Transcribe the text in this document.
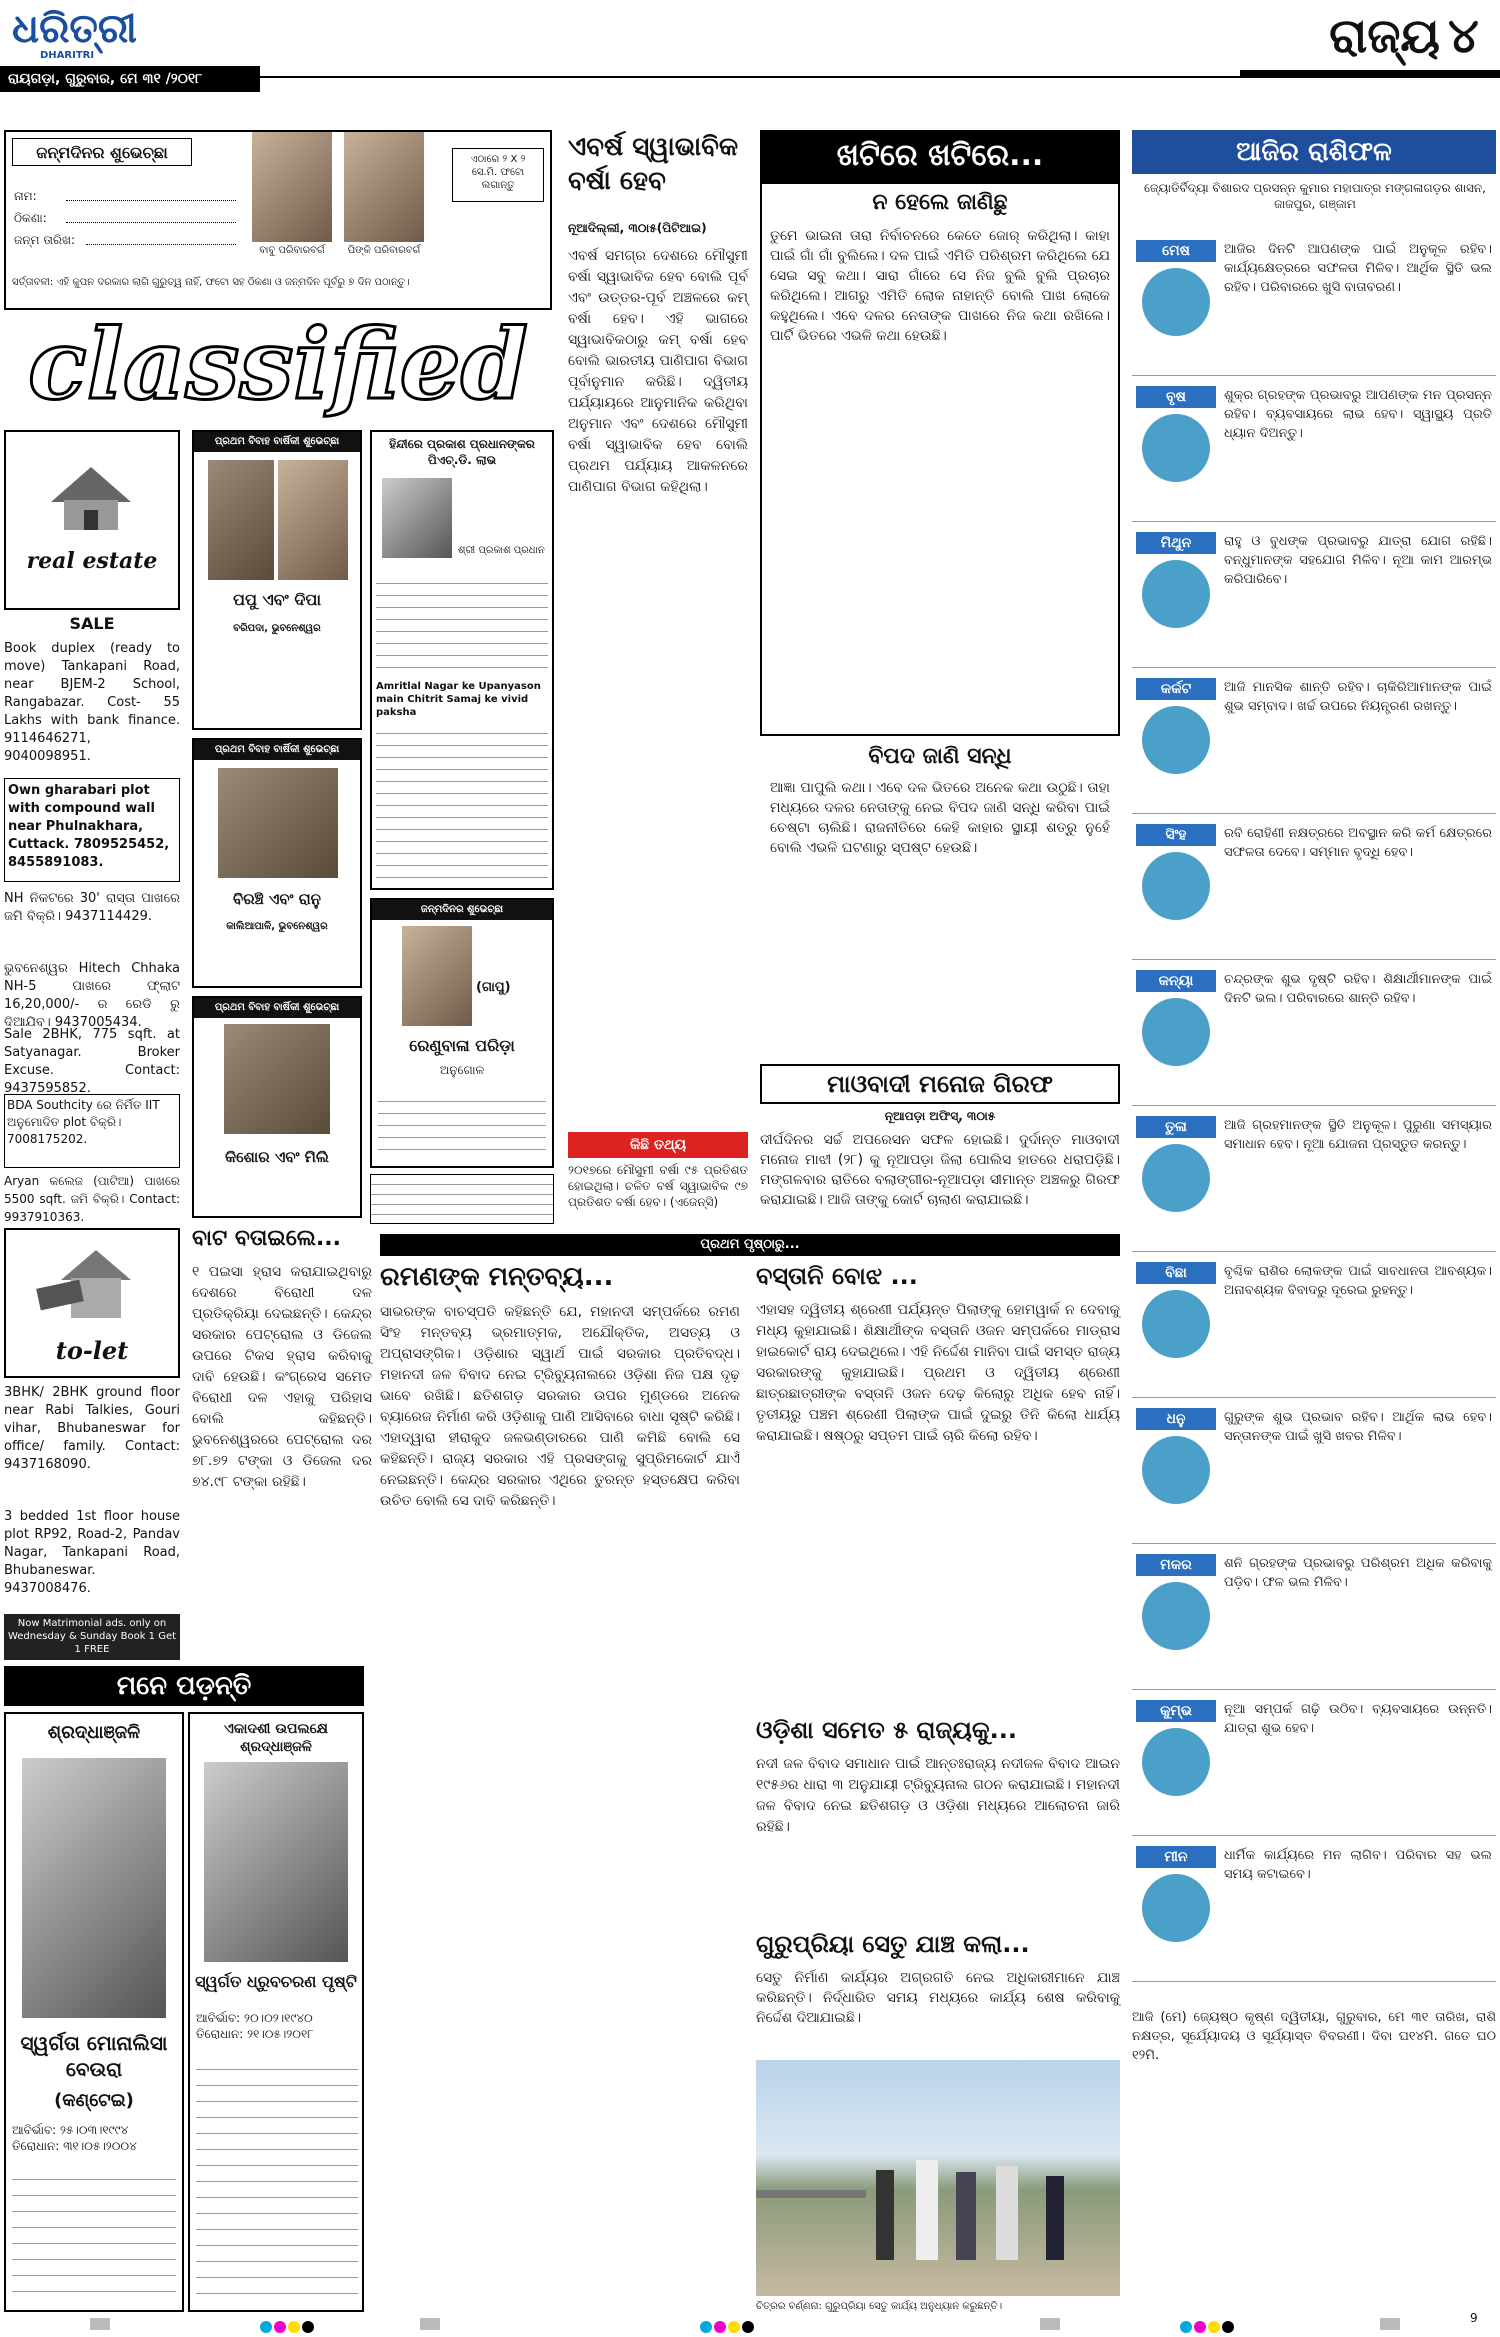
ଧରିତ୍ରୀ
DHARITRI
ରାୟଗଡ଼ା, ଗୁରୁବାର, ମେ ୩୧ /୨୦୧୮
ରାଜ୍ୟ ୪
ଜନ୍ମଦିନର ଶୁଭେଚ୍ଛା
ନାମ:
ଠିକଣା:
ଜନ୍ମ ତାରିଖ:
ବାବୁ ପରିବାରବର୍ଗ	ପିଙ୍କି ପରିବାରବର୍ଗ
ଏଠାରେ ୨ X ୨ ସେ.ମି. ଫଟୋ ଲଗାନ୍ତୁ
ସର୍ତ୍ତାବଳୀ: ଏହି କୁପନ ଦରକାର ଲାଗି ଗୁରୁତ୍ୱ ନାହିଁ, ଫଟୋ ସହ ଠିକଣା ଓ ଜନ୍ମଦିନ ପୂର୍ବରୁ ୭ ଦିନ ପଠାନ୍ତୁ।
classified
real estate
SALE
Book duplex (ready to move) Tankapani Road, near BJEM-2 School, Rangabazar. Cost- 55 Lakhs with bank finance. 9114646271, 9040098951.
Own gharabari plot with compound wall near Phulnakhara, Cuttack. 7809525452, 8455891083.
NH ନିକଟରେ 30' ରାସ୍ତା ପାଖରେ ଜମି ବିକ୍ରି। 9437114429.
ଭୁବନେଶ୍ୱର Hitech Chhaka NH-5 ପାଖରେ ଫ୍ଲାଟ 16,20,000/- ର ରେଡି ରୁ ଦିଆଯିବ। 9437005434.
Sale 2BHK, 775 sqft. at Satyanagar. Broker Excuse. Contact: 9437595852.
BDA Southcity ରେ ନିର୍ମିତ IIT ଅନୁମୋଦିତ plot ବିକ୍ରି। 7008175202.
Aryan କଲେଜ (ପାଟିଆ) ପାଖରେ 5500 sqft. ଜମି ବିକ୍ରି। Contact: 9937910363.
to-let
3BHK/ 2BHK ground floor near Rabi Talkies, Gouri vihar, Bhubaneswar for office/ family. Contact: 9437168090.
3 bedded 1st floor house plot RP92, Road-2, Pandav Nagar, Tankapani Road, Bhubaneswar. 9437008476.
Now Matrimonial ads. only on Wednesday & Sunday Book 1 Get 1 FREE
ପ୍ରଥମ ବିବାହ ବାର୍ଷିକୀ ଶୁଭେଚ୍ଛା
ପପୁ ଏବଂ ଦିପା
ବରିପଦା, ଭୁବନେଶ୍ୱର
ପ୍ରଥମ ବିବାହ ବାର୍ଷିକୀ ଶୁଭେଚ୍ଛା
ବିରଞ୍ଚି ଏବଂ ରାନୁ
କାଲିଆପାଳି, ଭୁବନେଶ୍ୱର
ପ୍ରଥମ ବିବାହ ବାର୍ଷିକୀ ଶୁଭେଚ୍ଛା
କିଶୋର ଏବଂ ମିଲି
ହିନ୍ଦୀରେ ପ୍ରକାଶ ପ୍ରଧାନଙ୍କର ପିଏଚ୍.ଡି. ଲାଭ
ଶ୍ରୀ ପ୍ରକାଶ ପ୍ରଧାନ
Amritlal Nagar ke Upanyason main Chitrit Samaj ke vivid paksha
ଜନ୍ମଦିନର ଶୁଭେଚ୍ଛା
(ଗାପୁ)
ରେଣୁବାଳା ପରିଡ଼ା
ଅନୁଗୋଳ
ଏବର୍ଷ ସ୍ୱାଭାବିକ ବର୍ଷା ହେବ
ନୂଆଦିଲ୍ଲୀ, ୩୦ା୫(ପିଟିଆଇ)
ଏବର୍ଷ ସମଗ୍ର ଦେଶରେ ମୌସୁମୀ ବର୍ଷା ସ୍ୱାଭାବିକ ହେବ ବୋଲି ପୂର୍ବ ଏବଂ ଉତ୍ତର-ପୂର୍ବ ଅଞ୍ଚଳରେ କମ୍ ବର୍ଷା ହେବ। ଏହି ଭାଗରେ ସ୍ୱାଭାବିକଠାରୁ କମ୍ ବର୍ଷା ହେବ ବୋଲି ଭାରତୀୟ ପାଣିପାଗ ବିଭାଗ ପୂର୍ବାନୁମାନ କରିଛି। ଦ୍ୱିତୀୟ ପର୍ଯ୍ୟାୟରେ ଆନୁମାନିକ କରିଥିବା ଅନୁମାନ ଏବଂ ଦେଶରେ ମୌସୁମୀ ବର୍ଷା ସ୍ୱାଭାବିକ ହେବ ବୋଲି ପ୍ରଥମ ପର୍ଯ୍ୟାୟ ଆକଳନରେ ପାଣିପାଗ ବିଭାଗ କହିଥିଲା।
କିଛି ତଥ୍ୟ
୨୦୧୭ରେ ମୌସୁମୀ ବର୍ଷା ୯୫ ପ୍ରତିଶତ ହୋଇଥିଲା। ଚଳିତ ବର୍ଷ ସ୍ୱାଭାବିକ ୯୭ ପ୍ରତିଶତ ବର୍ଷା ହେବ। (ଏଜେନ୍ସି)
ଖଟିରେ ଖଟିରେ...
ନ ହେଲେ ଜାଣିଛୁ
ତୁମେ ଭାଇନା ତାରା ନିର୍ବାଚନରେ କେତେ ଜୋର୍ କରିଥିଲା। କାହା ପାଇଁ ଗାଁ ଗାଁ ବୁଲିଲେ। ଦଳ ପାଇଁ ଏମିତି ପରିଶ୍ରମ କରିଥିଲେ ଯେ ସେଇ ସବୁ କଥା। ସାରା ଗାଁରେ ସେ ନିଜ ବୁଲି ବୁଲି ପ୍ରଚାର କରିଥିଲେ। ଆଗରୁ ଏମିତି ଲୋକ ନାହାନ୍ତି ବୋଲି ପାଖ ଲୋକେ କହୁଥିଲେ। ଏବେ ଦଳର ନେତାଙ୍କ ପାଖରେ ନିଜ କଥା ରଖିଲେ। ପାର୍ଟି ଭିତରେ ଏଭଳି କଥା ହେଉଛି।
ବିପଦ ଜାଣି ସନ୍ଧି
ଆଜ୍ଞା ପାପୁଲି କଥା। ଏବେ ଦଳ ଭିତରେ ଅନେକ କଥା ଉଠୁଛି। ତାହା ମଧ୍ୟରେ ଦଳର ନେତାଙ୍କୁ ନେଇ ବିପଦ ଜାଣି ସନ୍ଧି କରିବା ପାଇଁ ଚେଷ୍ଟା ଚାଲିଛି। ରାଜନୀତିରେ କେହି କାହାର ସ୍ଥାୟୀ ଶତ୍ରୁ ନୁହେଁ ବୋଲି ଏଭଳି ଘଟଣାରୁ ସ୍ପଷ୍ଟ ହେଉଛି।
ମାଓବାଦୀ ମନୋଜ ଗିରଫ
ନୂଆପଡ଼ା ଅଫିସ୍, ୩୦ା୫
ଦୀର୍ଘଦିନର ସର୍ଚ୍ଚ ଅପରେସନ ସଫଳ ହୋଇଛି। ଦୁର୍ଦାନ୍ତ ମାଓବାଦୀ ମନୋଜ ମାଝୀ (୨୮) କୁ ନୂଆପଡ଼ା ଜିଲା ପୋଲିସ ହାତରେ ଧରାପଡ଼ିଛି। ମଙ୍ଗଳବାର ରାତିରେ ବଲାଙ୍ଗୀର-ନୂଆପଡ଼ା ସୀମାନ୍ତ ଅଞ୍ଚଳରୁ ଗିରଫ କରାଯାଇଛି। ଆଜି ତାଙ୍କୁ କୋର୍ଟ ଚାଲାଣ କରାଯାଇଛି।
ପ୍ରଥମ ପୃଷ୍ଠାରୁ...
ବାଟ ବତାଇଲେ...
୧ ପଇସା ହ୍ରାସ କରାଯାଇଥିବାରୁ ଦେଶରେ ବିରୋଧୀ ଦଳ ପ୍ରତିକ୍ରିୟା ଦେଇଛନ୍ତି। କେନ୍ଦ୍ର ସରକାର ପେଟ୍ରୋଲ ଓ ଡିଜେଲ ଉପରେ ଟିକସ ହ୍ରାସ କରିବାକୁ ଦାବି ହେଉଛି। କଂଗ୍ରେସ ସମେତ ବିରୋଧୀ ଦଳ ଏହାକୁ ପରିହାସ ବୋଲି କହିଛନ୍ତି। ଭୁବନେଶ୍ୱରରେ ପେଟ୍ରୋଲ ଦର ୭୮.୭୨ ଟଙ୍କା ଓ ଡିଜେଲ ଦର ୭୪.୯୮ ଟଙ୍କା ରହିଛି।
ରମଣଙ୍କ ମନ୍ତବ୍ୟ...
ସାଭରଙ୍କ ବାଚସ୍ପତି କହିଛନ୍ତି ଯେ, ମହାନଦୀ ସମ୍ପର୍କରେ ରମଣ ସିଂହ ମନ୍ତବ୍ୟ ଭ୍ରମାତ୍ମକ, ଅଯୌକ୍ତିକ, ଅସତ୍ୟ ଓ ଅପ୍ରାସଙ୍ଗିକ। ଓଡ଼ିଶାର ସ୍ୱାର୍ଥ ପାଇଁ ସରକାର ପ୍ରତିବଦ୍ଧ। ମହାନଦୀ ଜଳ ବିବାଦ ନେଇ ଟ୍ରିବ୍ୟୁନାଲରେ ଓଡ଼ିଶା ନିଜ ପକ୍ଷ ଦୃଢ଼ ଭାବେ ରଖିଛି। ଛତିଶଗଡ଼ ସରକାର ଉପର ମୁଣ୍ଡରେ ଅନେକ ବ୍ୟାରେଜ ନିର୍ମାଣ କରି ଓଡ଼ିଶାକୁ ପାଣି ଆସିବାରେ ବାଧା ସୃଷ୍ଟି କରିଛି। ଏହାଦ୍ୱାରା ହୀରାକୁଦ ଜଳଭଣ୍ଡାରରେ ପାଣି କମିଛି ବୋଲି ସେ କହିଛନ୍ତି। ରାଜ୍ୟ ସରକାର ଏହି ପ୍ରସଙ୍ଗକୁ ସୁପ୍ରିମକୋର୍ଟ ଯାଏଁ ନେଇଛନ୍ତି। କେନ୍ଦ୍ର ସରକାର ଏଥିରେ ତୁରନ୍ତ ହସ୍ତକ୍ଷେପ କରିବା ଉଚିତ ବୋଲି ସେ ଦାବି କରିଛନ୍ତି।
ବସ୍ତାନି ବୋଝ ...
ଏହାସହ ଦ୍ୱିତୀୟ ଶ୍ରେଣୀ ପର୍ଯ୍ୟନ୍ତ ପିଲାଙ୍କୁ ହୋମୱାର୍କ ନ ଦେବାକୁ ମଧ୍ୟ କୁହାଯାଇଛି। ଶିକ୍ଷାର୍ଥୀଙ୍କ ବସ୍ତାନି ଓଜନ ସମ୍ପର୍କରେ ମାଡ୍ରାସ ହାଇକୋର୍ଟ ରାୟ ଦେଇଥିଲେ। ଏହି ନିର୍ଦ୍ଦେଶ ମାନିବା ପାଇଁ ସମସ୍ତ ରାଜ୍ୟ ସରକାରଙ୍କୁ କୁହାଯାଇଛି। ପ୍ରଥମ ଓ ଦ୍ୱିତୀୟ ଶ୍ରେଣୀ ଛାତ୍ରଛାତ୍ରୀଙ୍କ ବସ୍ତାନି ଓଜନ ଦେଢ଼ କିଲୋରୁ ଅଧିକ ହେବ ନାହିଁ। ତୃତୀୟରୁ ପଞ୍ଚମ ଶ୍ରେଣୀ ପିଲାଙ୍କ ପାଇଁ ଦୁଇରୁ ତିନି କିଲୋ ଧାର୍ଯ୍ୟ କରାଯାଇଛି। ଷଷ୍ଠରୁ ସପ୍ତମ ପାଇଁ ଚାରି କିଲୋ ରହିବ।
ଓଡ଼ିଶା ସମେତ ୫ ରାଜ୍ୟକୁ...
ନଦୀ ଜଳ ବିବାଦ ସମାଧାନ ପାଇଁ ଆନ୍ତଃରାଜ୍ୟ ନଦୀଜଳ ବିବାଦ ଆଇନ ୧୯୫୬ର ଧାରା ୩ ଅନୁଯାୟୀ ଟ୍ରିବ୍ୟୁନାଲ ଗଠନ କରାଯାଇଛି। ମହାନଦୀ ଜଳ ବିବାଦ ନେଇ ଛତିଶଗଡ଼ ଓ ଓଡ଼ିଶା ମଧ୍ୟରେ ଆଲୋଚନା ଜାରି ରହିଛି।
ଗୁରୁପ୍ରିୟା ସେତୁ ଯାଞ୍ଚ କଲା...
ସେତୁ ନିର୍ମାଣ କାର୍ଯ୍ୟର ଅଗ୍ରଗତି ନେଇ ଅଧିକାରୀମାନେ ଯାଞ୍ଚ କରିଛନ୍ତି। ନିର୍ଦ୍ଧାରିତ ସମୟ ମଧ୍ୟରେ କାର୍ଯ୍ୟ ଶେଷ କରିବାକୁ ନିର୍ଦ୍ଦେଶ ଦିଆଯାଇଛି।
ଚିତ୍ରର ବର୍ଣ୍ଣନା: ଗୁରୁପ୍ରିୟା ସେତୁ କାର୍ଯ୍ୟ ଅନୁଧ୍ୟାନ କରୁଛନ୍ତି।
ମନେ ପଡ଼ନ୍ତି
ଶ୍ରଦ୍ଧାଞ୍ଜଳି
ସ୍ୱର୍ଗତା ମୋନାଲିସା ବେଉରା
(କଣ୍ଟେଇ)
ଆବିର୍ଭାବ: ୨୫।୦୩।୧୯୯୪ ତିରୋଧାନ: ୩୧।୦୫।୨୦୦୪
ଏକାଦଶୀ ଉପଲକ୍ଷେ ଶ୍ରଦ୍ଧାଞ୍ଜଳି
ସ୍ୱର୍ଗତ ଧ୍ରୁବଚରଣ ପୃଷ୍ଟି
ଆବିର୍ଭାବ: ୨୦।୦୨।୧୯୪୦ ତିରୋଧାନ: ୨୧।୦୫।୨୦୧୮
ଆଜିର ରାଶିଫଳ
ଜ୍ୟୋତିର୍ବିଦ୍ୟା ବିଶାରଦ ପ୍ରସନ୍ନ କୁମାର ମହାପାତ୍ର ମଙ୍ଗଳାଗଡ଼ର ଶାସନ, ଜାଜପୁର, ଗଞ୍ଜାମ
ମେଷ	ଆଜିର ଦିନଟି ଆପଣଙ୍କ ପାଇଁ ଅନୁକୂଳ ରହିବ। କାର୍ଯ୍ୟକ୍ଷେତ୍ରରେ ସଫଳତା ମିଳିବ। ଆର୍ଥିକ ସ୍ଥିତି ଭଲ ରହିବ। ପରିବାରରେ ଖୁସି ବାତାବରଣ।
ବୃଷ	ଶୁକ୍ର ଗ୍ରହଙ୍କ ପ୍ରଭାବରୁ ଆପଣଙ୍କ ମନ ପ୍ରସନ୍ନ ରହିବ। ବ୍ୟବସାୟରେ ଲାଭ ହେବ। ସ୍ୱାସ୍ଥ୍ୟ ପ୍ରତି ଧ୍ୟାନ ଦିଅନ୍ତୁ।
ମିଥୁନ	ରାହୁ ଓ ବୁଧଙ୍କ ପ୍ରଭାବରୁ ଯାତ୍ରା ଯୋଗ ରହିଛି। ବନ୍ଧୁମାନଙ୍କ ସହଯୋଗ ମିଳିବ। ନୂଆ କାମ ଆରମ୍ଭ କରିପାରିବେ।
କର୍କଟ	ଆଜି ମାନସିକ ଶାନ୍ତି ରହିବ। ଚାକିରିଆମାନଙ୍କ ପାଇଁ ଶୁଭ ସମ୍ବାଦ। ଖର୍ଚ୍ଚ ଉପରେ ନିୟନ୍ତ୍ରଣ ରଖନ୍ତୁ।
ସିଂହ	ରବି ରୋହିଣୀ ନକ୍ଷତ୍ରରେ ଅବସ୍ଥାନ କରି କର୍ମ କ୍ଷେତ୍ରରେ ସଫଳତା ଦେବେ। ସମ୍ମାନ ବୃଦ୍ଧି ହେବ।
କନ୍ୟା	ଚନ୍ଦ୍ରଙ୍କ ଶୁଭ ଦୃଷ୍ଟି ରହିବ। ଶିକ୍ଷାର୍ଥୀମାନଙ୍କ ପାଇଁ ଦିନଟି ଭଲ। ପରିବାରରେ ଶାନ୍ତି ରହିବ।
ତୁଳା	ଆଜି ଗ୍ରହମାନଙ୍କ ସ୍ଥିତି ଅନୁକୂଳ। ପୁରୁଣା ସମସ୍ୟାର ସମାଧାନ ହେବ। ନୂଆ ଯୋଜନା ପ୍ରସ୍ତୁତ କରନ୍ତୁ।
ବିଛା	ବୃଶ୍ଚିକ ରାଶିର ଲୋକଙ୍କ ପାଇଁ ସାବଧାନତା ଆବଶ୍ୟକ। ଅନାବଶ୍ୟକ ବିବାଦରୁ ଦୂରେଇ ରୁହନ୍ତୁ।
ଧନୁ	ଗୁରୁଙ୍କ ଶୁଭ ପ୍ରଭାବ ରହିବ। ଆର୍ଥିକ ଲାଭ ହେବ। ସନ୍ତାନଙ୍କ ପାଇଁ ଖୁସି ଖବର ମିଳିବ।
ମକର	ଶନି ଗ୍ରହଙ୍କ ପ୍ରଭାବରୁ ପରିଶ୍ରମ ଅଧିକ କରିବାକୁ ପଡ଼ିବ। ଫଳ ଭଲ ମିଳିବ।
କୁମ୍ଭ	ନୂଆ ସମ୍ପର୍କ ଗଢ଼ି ଉଠିବ। ବ୍ୟବସାୟରେ ଉନ୍ନତି। ଯାତ୍ରା ଶୁଭ ହେବ।
ମୀନ	ଧାର୍ମିକ କାର୍ଯ୍ୟରେ ମନ ଲାଗିବ। ପରିବାର ସହ ଭଲ ସମୟ କଟାଇବେ।
ଆଜି (ମେ) ଜ୍ୟେଷ୍ଠ କୃଷ୍ଣ ଦ୍ୱିତୀୟା, ଗୁରୁବାର, ମେ ୩୧ ତାରିଖ, ରାଶି ନକ୍ଷତ୍ର, ସୂର୍ଯ୍ୟୋଦୟ ଓ ସୂର୍ଯ୍ୟାସ୍ତ ବିବରଣୀ। ଦିବା ଘ୧୪ମି. ଗତେ ଘ୦ ୧୨ମି.
9
